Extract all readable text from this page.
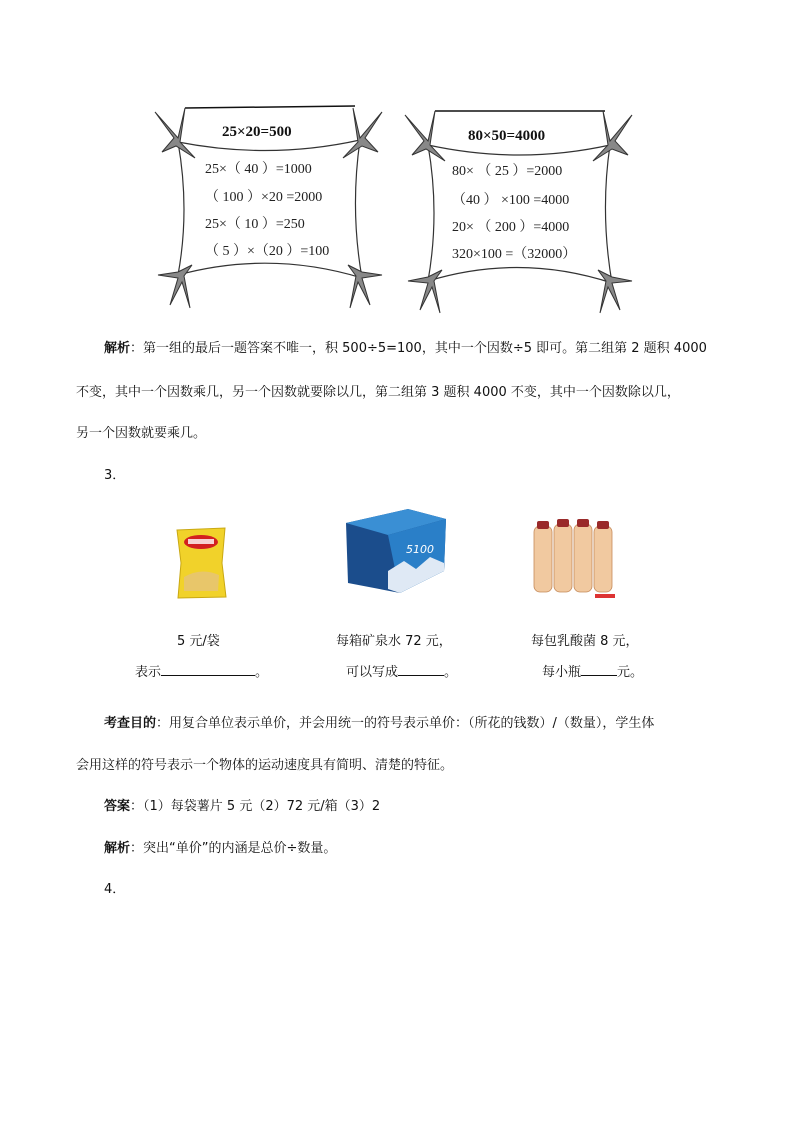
25×20=500
25×（ 40 ）=1000
（ 100 ）×20 =2000
25×（ 10 ）=250
（ 5 ）×（20 ）=100
80×50=4000
80× （ 25 ）=2000
（40 ） ×100 =4000
20× （ 200 ）=4000
320×100 =（32000）
解析：第一组的最后一题答案不唯一，积 500÷5=100，其中一个因数÷5 即可。第二组第 2 题积 4000
不变，其中一个因数乘几，另一个因数就要除以几，第二组第 3 题积 4000 不变，其中一个因数除以几，
另一个因数就要乘几。
3．
5100
5 元/袋
表示	。
每箱矿泉水 72 元，
可以写成	。
每包乳酸菌 8 元，
每小瓶	元。
考查目的：用复合单位表示单价，并会用统一的符号表示单价：（所花的钱数）/（数量），学生体
会用这样的符号表示一个物体的运动速度具有简明、清楚的特征。
答案：（1）每袋薯片 5 元（2）72 元/箱（3）2
解析：突出“单价”的内涵是总价÷数量。
4．
